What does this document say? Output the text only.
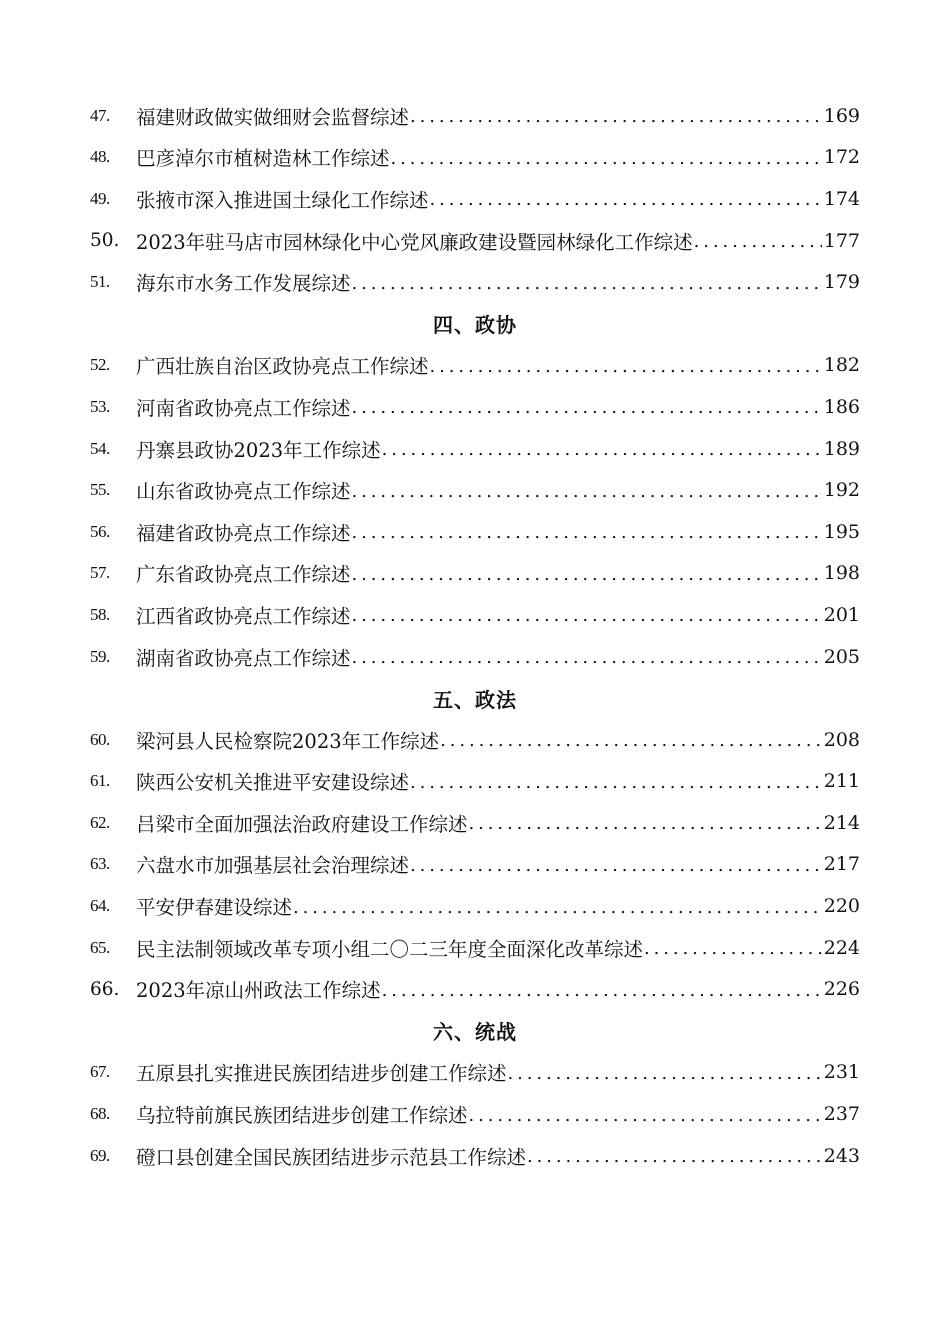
47.	福建财政做实做细财会监督综述 .....	169
48.	巴彦淖尔市植树造林工作综述 .....	172
49.	张掖市深入推进国土绿化工作综述 .....	174
50. 2023年驻马店市园林绿化中心党风廉政建设暨园林绿化工作综述 .....	177
51.	海东市水务工作发展综述 .....	179
四、政协
52.	广西壮族自治区政协亮点工作综述 .....	182
53.	河南省政协亮点工作综述 .....	186
54.	丹寨县政协2023年工作综述 .....	189
55.	山东省政协亮点工作综述 .....	192
56.	福建省政协亮点工作综述 .....	195
57.	广东省政协亮点工作综述 .....	198
58.	江西省政协亮点工作综述 .....	201
59.	湖南省政协亮点工作综述 .....	205
五、政法
60.	梁河县人民检察院2023年工作综述 .....	208
61.	陕西公安机关推进平安建设综述 .....	211
62.	吕梁市全面加强法治政府建设工作综述 .....	214
63.	六盘水市加强基层社会治理综述 .....	217
64.	平安伊春建设综述 .....	220
65.	民主法制领域改革专项小组二〇二三年度全面深化改革综述 .....	224
66. 2023年凉山州政法工作综述 .....	226
六、统战
67.	五原县扎实推进民族团结进步创建工作综述 .....	231
68.	乌拉特前旗民族团结进步创建工作综述 .....	237
69.	磴口县创建全国民族团结进步示范县工作综述 .....	243
